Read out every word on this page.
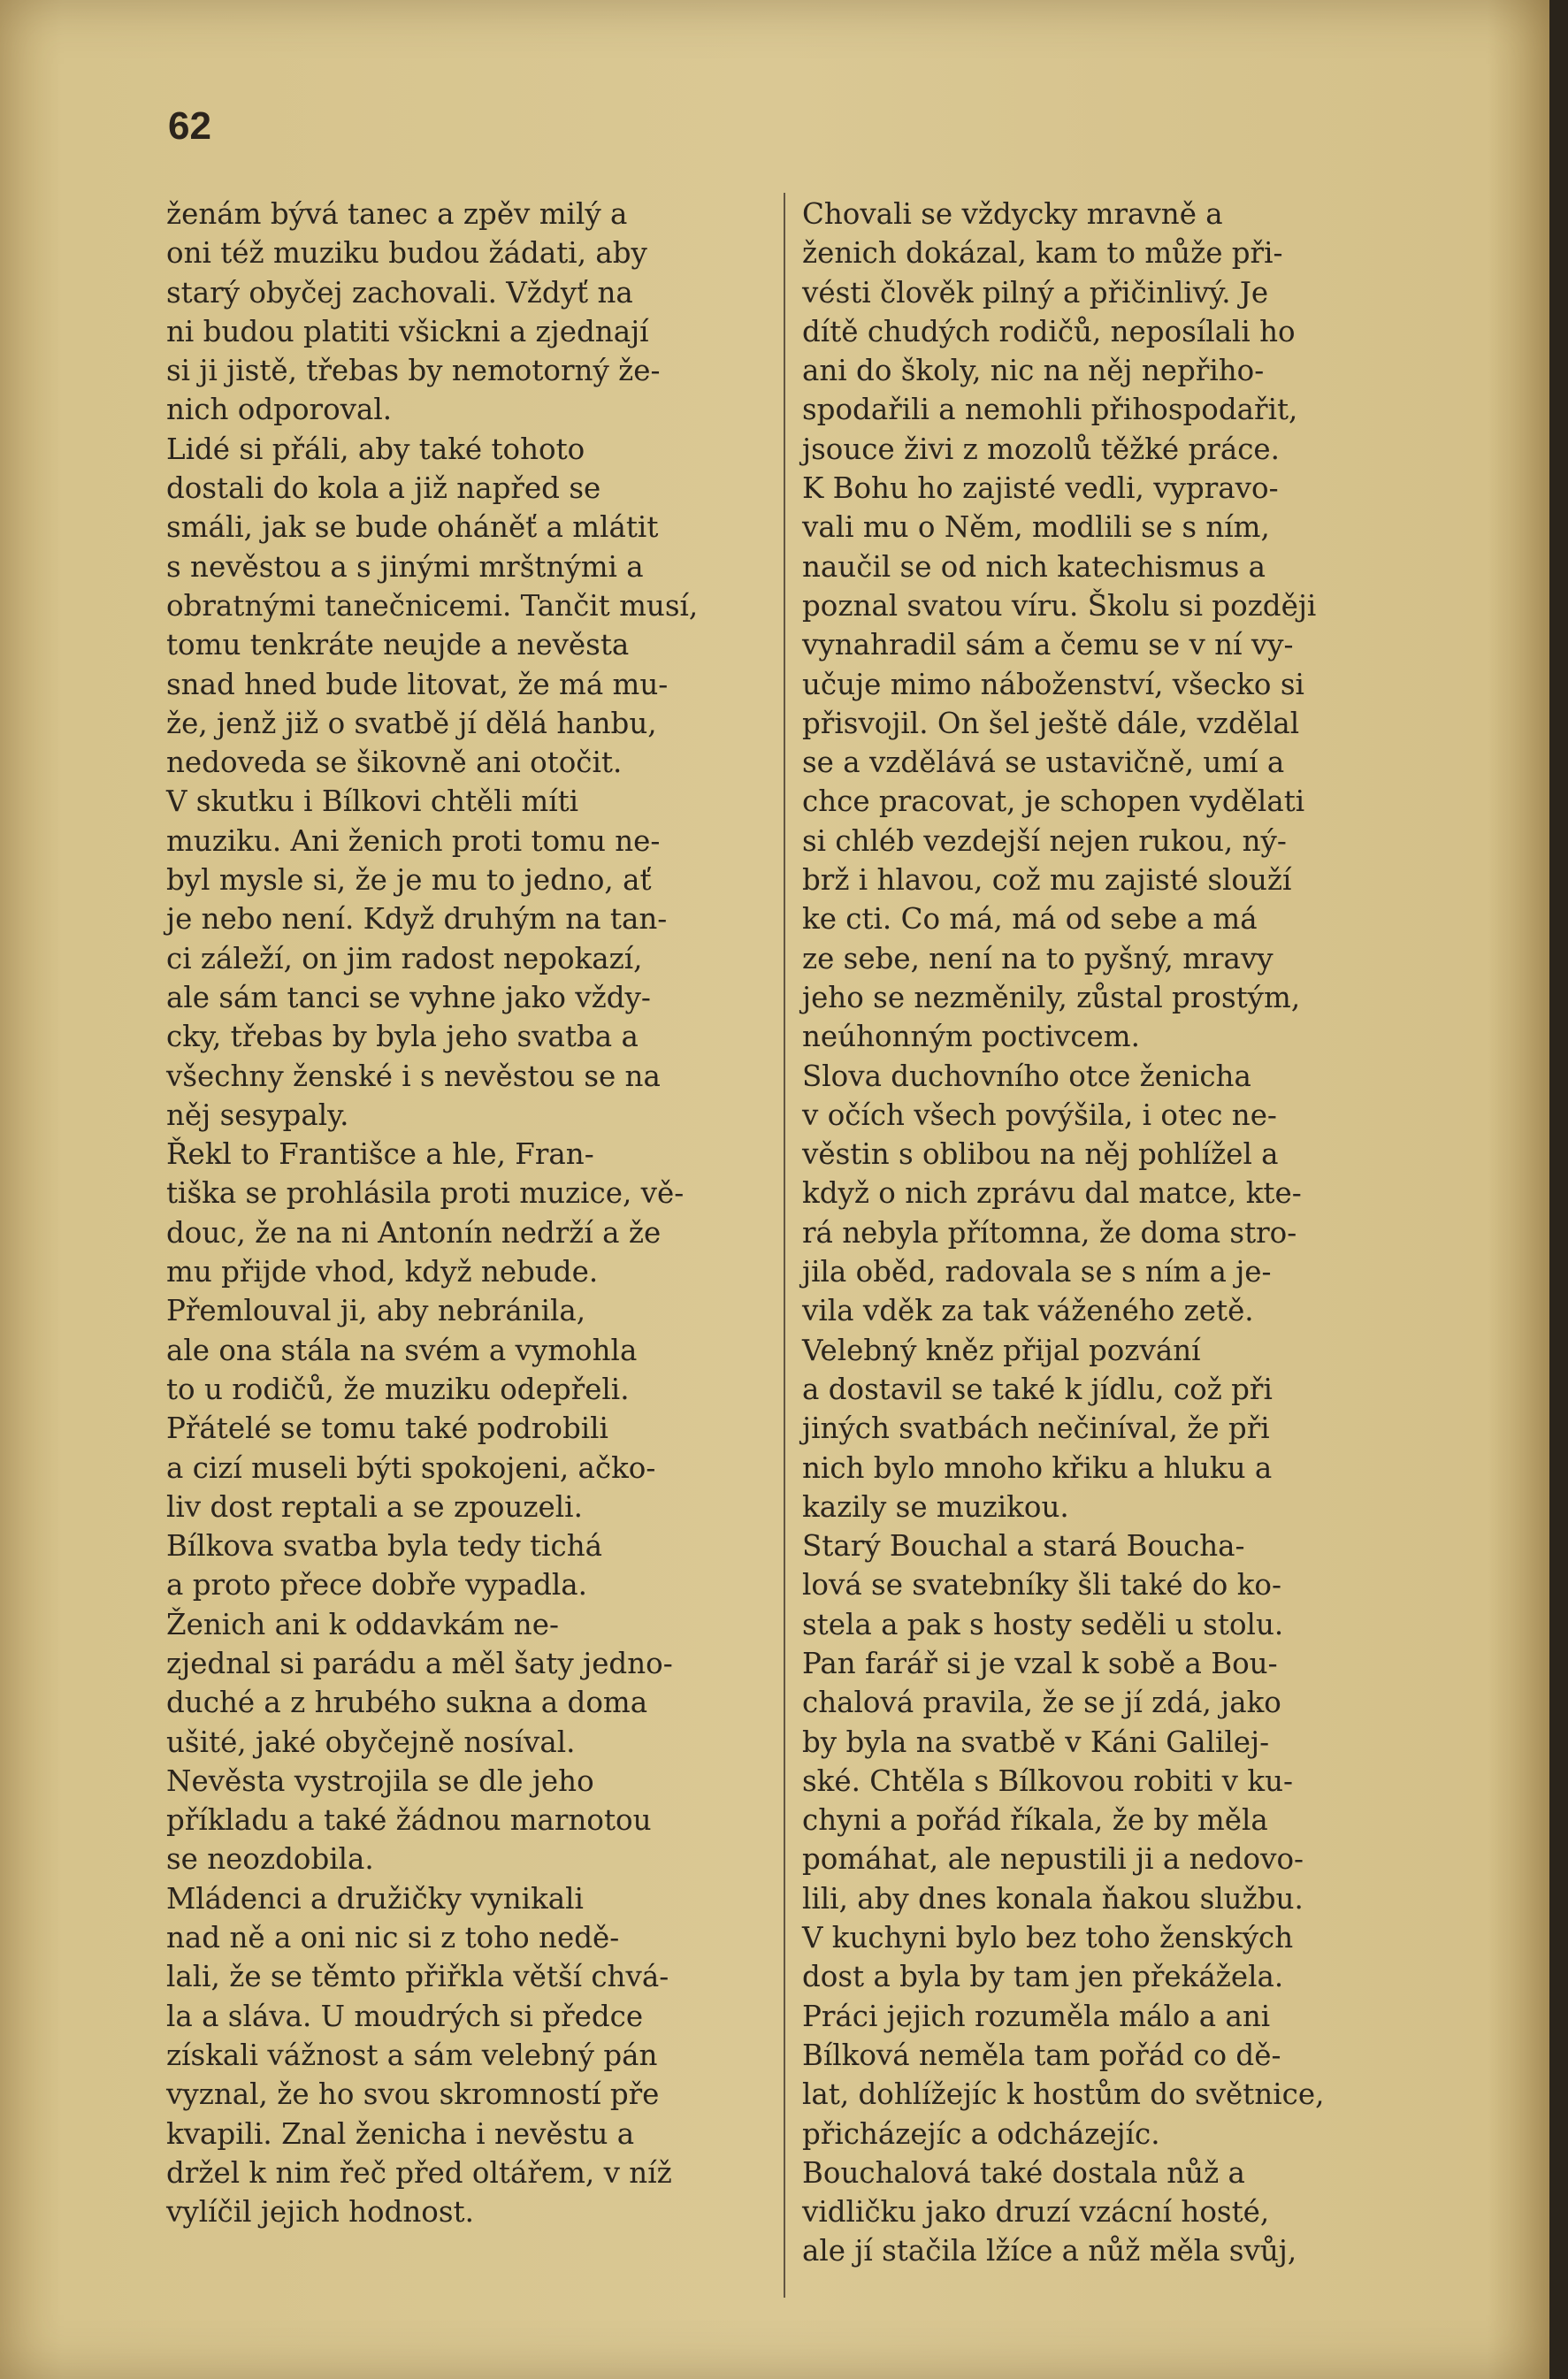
62
ženám bývá tanec a zpěv milý a
oni též muziku budou žádati, aby
starý obyčej zachovali. Vždyť na
ni budou platiti všickni a zjednají
si ji jistě, třebas by nemotorný že-
nich odporoval.
Lidé si přáli, aby také tohoto
dostali do kola a již napřed se
smáli, jak se bude oháněť a mlátit
s nevěstou a s jinými mrštnými a
obratnými tanečnicemi. Tančit musí,
tomu tenkráte neujde a nevěsta
snad hned bude litovat, že má mu-
že, jenž již o svatbě jí dělá hanbu,
nedoveda se šikovně ani otočit.
V skutku i Bílkovi chtěli míti
muziku. Ani ženich proti tomu ne-
byl mysle si, že je mu to jedno, ať
je nebo není. Když druhým na tan-
ci záleží, on jim radost nepokazí,
ale sám tanci se vyhne jako vždy-
cky, třebas by byla jeho svatba a
všechny ženské i s nevěstou se na
něj sesypaly.
Řekl to Františce a hle, Fran-
tiška se prohlásila proti muzice, vě-
douc, že na ni Antonín nedrží a že
mu přijde vhod, když nebude.
Přemlouval ji, aby nebránila,
ale ona stála na svém a vymohla
to u rodičů, že muziku odepřeli.
Přátelé se tomu také podrobili
a cizí museli býti spokojeni, ačko-
liv dost reptali a se zpouzeli.
Bílkova svatba byla tedy tichá
a proto přece dobře vypadla.
Ženich ani k oddavkám ne-
zjednal si parádu a měl šaty jedno-
duché a z hrubého sukna a doma
ušité, jaké obyčejně nosíval.
Nevěsta vystrojila se dle jeho
příkladu a také žádnou marnotou
se neozdobila.
Mládenci a družičky vynikali
nad ně a oni nic si z toho nedě-
lali, že se těmto přiřkla větší chvá-
la a sláva. U moudrých si předce
získali vážnost a sám velebný pán
vyznal, že ho svou skromností pře
kvapili. Znal ženicha i nevěstu a
držel k nim řeč před oltářem, v níž
vylíčil jejich hodnost.
Chovali se vždycky mravně a
ženich dokázal, kam to může při-
vésti člověk pilný a přičinlivý. Je
dítě chudých rodičů, neposílali ho
ani do školy, nic na něj nepřiho-
spodařili a nemohli přihospodařit,
jsouce živi z mozolů těžké práce.
K Bohu ho zajisté vedli, vypravo-
vali mu o Něm, modlili se s ním,
naučil se od nich katechismus a
poznal svatou víru. Školu si později
vynahradil sám a čemu se v ní vy-
učuje mimo náboženství, všecko si
přisvojil. On šel ještě dále, vzdělal
se a vzdělává se ustavičně, umí a
chce pracovat, je schopen vydělati
si chléb vezdejší nejen rukou, ný-
brž i hlavou, což mu zajisté slouží
ke cti. Co má, má od sebe a má
ze sebe, není na to pyšný, mravy
jeho se nezměnily, zůstal prostým,
neúhonným poctivcem.
Slova duchovního otce ženicha
v očích všech povýšila, i otec ne-
věstin s oblibou na něj pohlížel a
když o nich zprávu dal matce, kte-
rá nebyla přítomna, že doma stro-
jila oběd, radovala se s ním a je-
vila vděk za tak váženého zetě.
Velebný kněz přijal pozvání
a dostavil se také k jídlu, což při
jiných svatbách nečiníval, že při
nich bylo mnoho křiku a hluku a
kazily se muzikou.
Starý Bouchal a stará Boucha-
lová se svatebníky šli také do ko-
stela a pak s hosty seděli u stolu.
Pan farář si je vzal k sobě a Bou-
chalová pravila, že se jí zdá, jako
by byla na svatbě v Káni Galilej-
ské. Chtěla s Bílkovou robiti v ku-
chyni a pořád říkala, že by měla
pomáhat, ale nepustili ji a nedovo-
lili, aby dnes konala ňakou službu.
V kuchyni bylo bez toho ženských
dost a byla by tam jen překážela.
Práci jejich rozuměla málo a ani
Bílková neměla tam pořád co dě-
lat, dohlížejíc k hostům do světnice,
přicházejíc a odcházejíc.
Bouchalová také dostala nůž a
vidličku jako druzí vzácní hosté,
ale jí stačila lžíce a nůž měla svůj,
